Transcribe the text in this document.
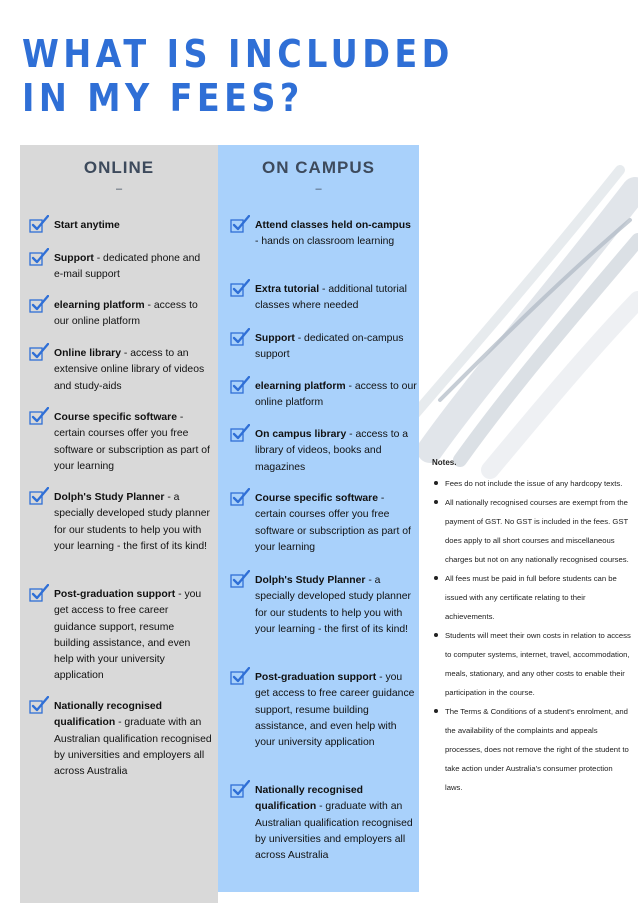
WHAT IS INCLUDED
IN MY FEES?
ONLINE
–
Start anytime
Support - dedicated phone and e-mail support
elearning platform - access to our online platform
Online library - access to an extensive online library of videos and study-aids
Course specific software - certain courses offer you free software or subscription as part of your learning
Dolph's Study Planner - a specially developed study planner for our students to help you with your learning - the first of its kind!
Post-graduation support - you get access to free career guidance support, resume building assistance, and even help with your university application
Nationally recognised qualification - graduate with an Australian qualification recognised by universities and employers all across Australia
ON CAMPUS
–
Attend classes held on-campus - hands on classroom learning
Extra tutorial - additional tutorial classes where needed
Support - dedicated on-campus support
elearning platform - access to our online platform
On campus library - access to a library of videos, books and magazines
Course specific software - certain courses offer you free software or subscription as part of your learning
Dolph's Study Planner - a specially developed study planner for our students to help you with your learning - the first of its kind!
Post-graduation support - you get access to free career guidance support, resume building assistance, and even help with your university application
Nationally recognised qualification - graduate with an Australian qualification recognised by universities and employers all across Australia
Notes.
Fees do not include the issue of any hardcopy texts.
All nationally recognised courses are exempt from the payment of GST. No GST is included in the fees. GST does apply to all short courses and miscellaneous charges but not on any nationally recognised courses.
All fees must be paid in full before students can be issued with any certificate relating to their achievements.
Students will meet their own costs in relation to access to computer systems, internet, travel, accommodation, meals, stationary, and any other costs to enable their participation in the course.
The Terms & Conditions of a student's enrolment, and the availability of the complaints and appeals processes, does not remove the right of the student to take action under Australia's consumer protection laws.
